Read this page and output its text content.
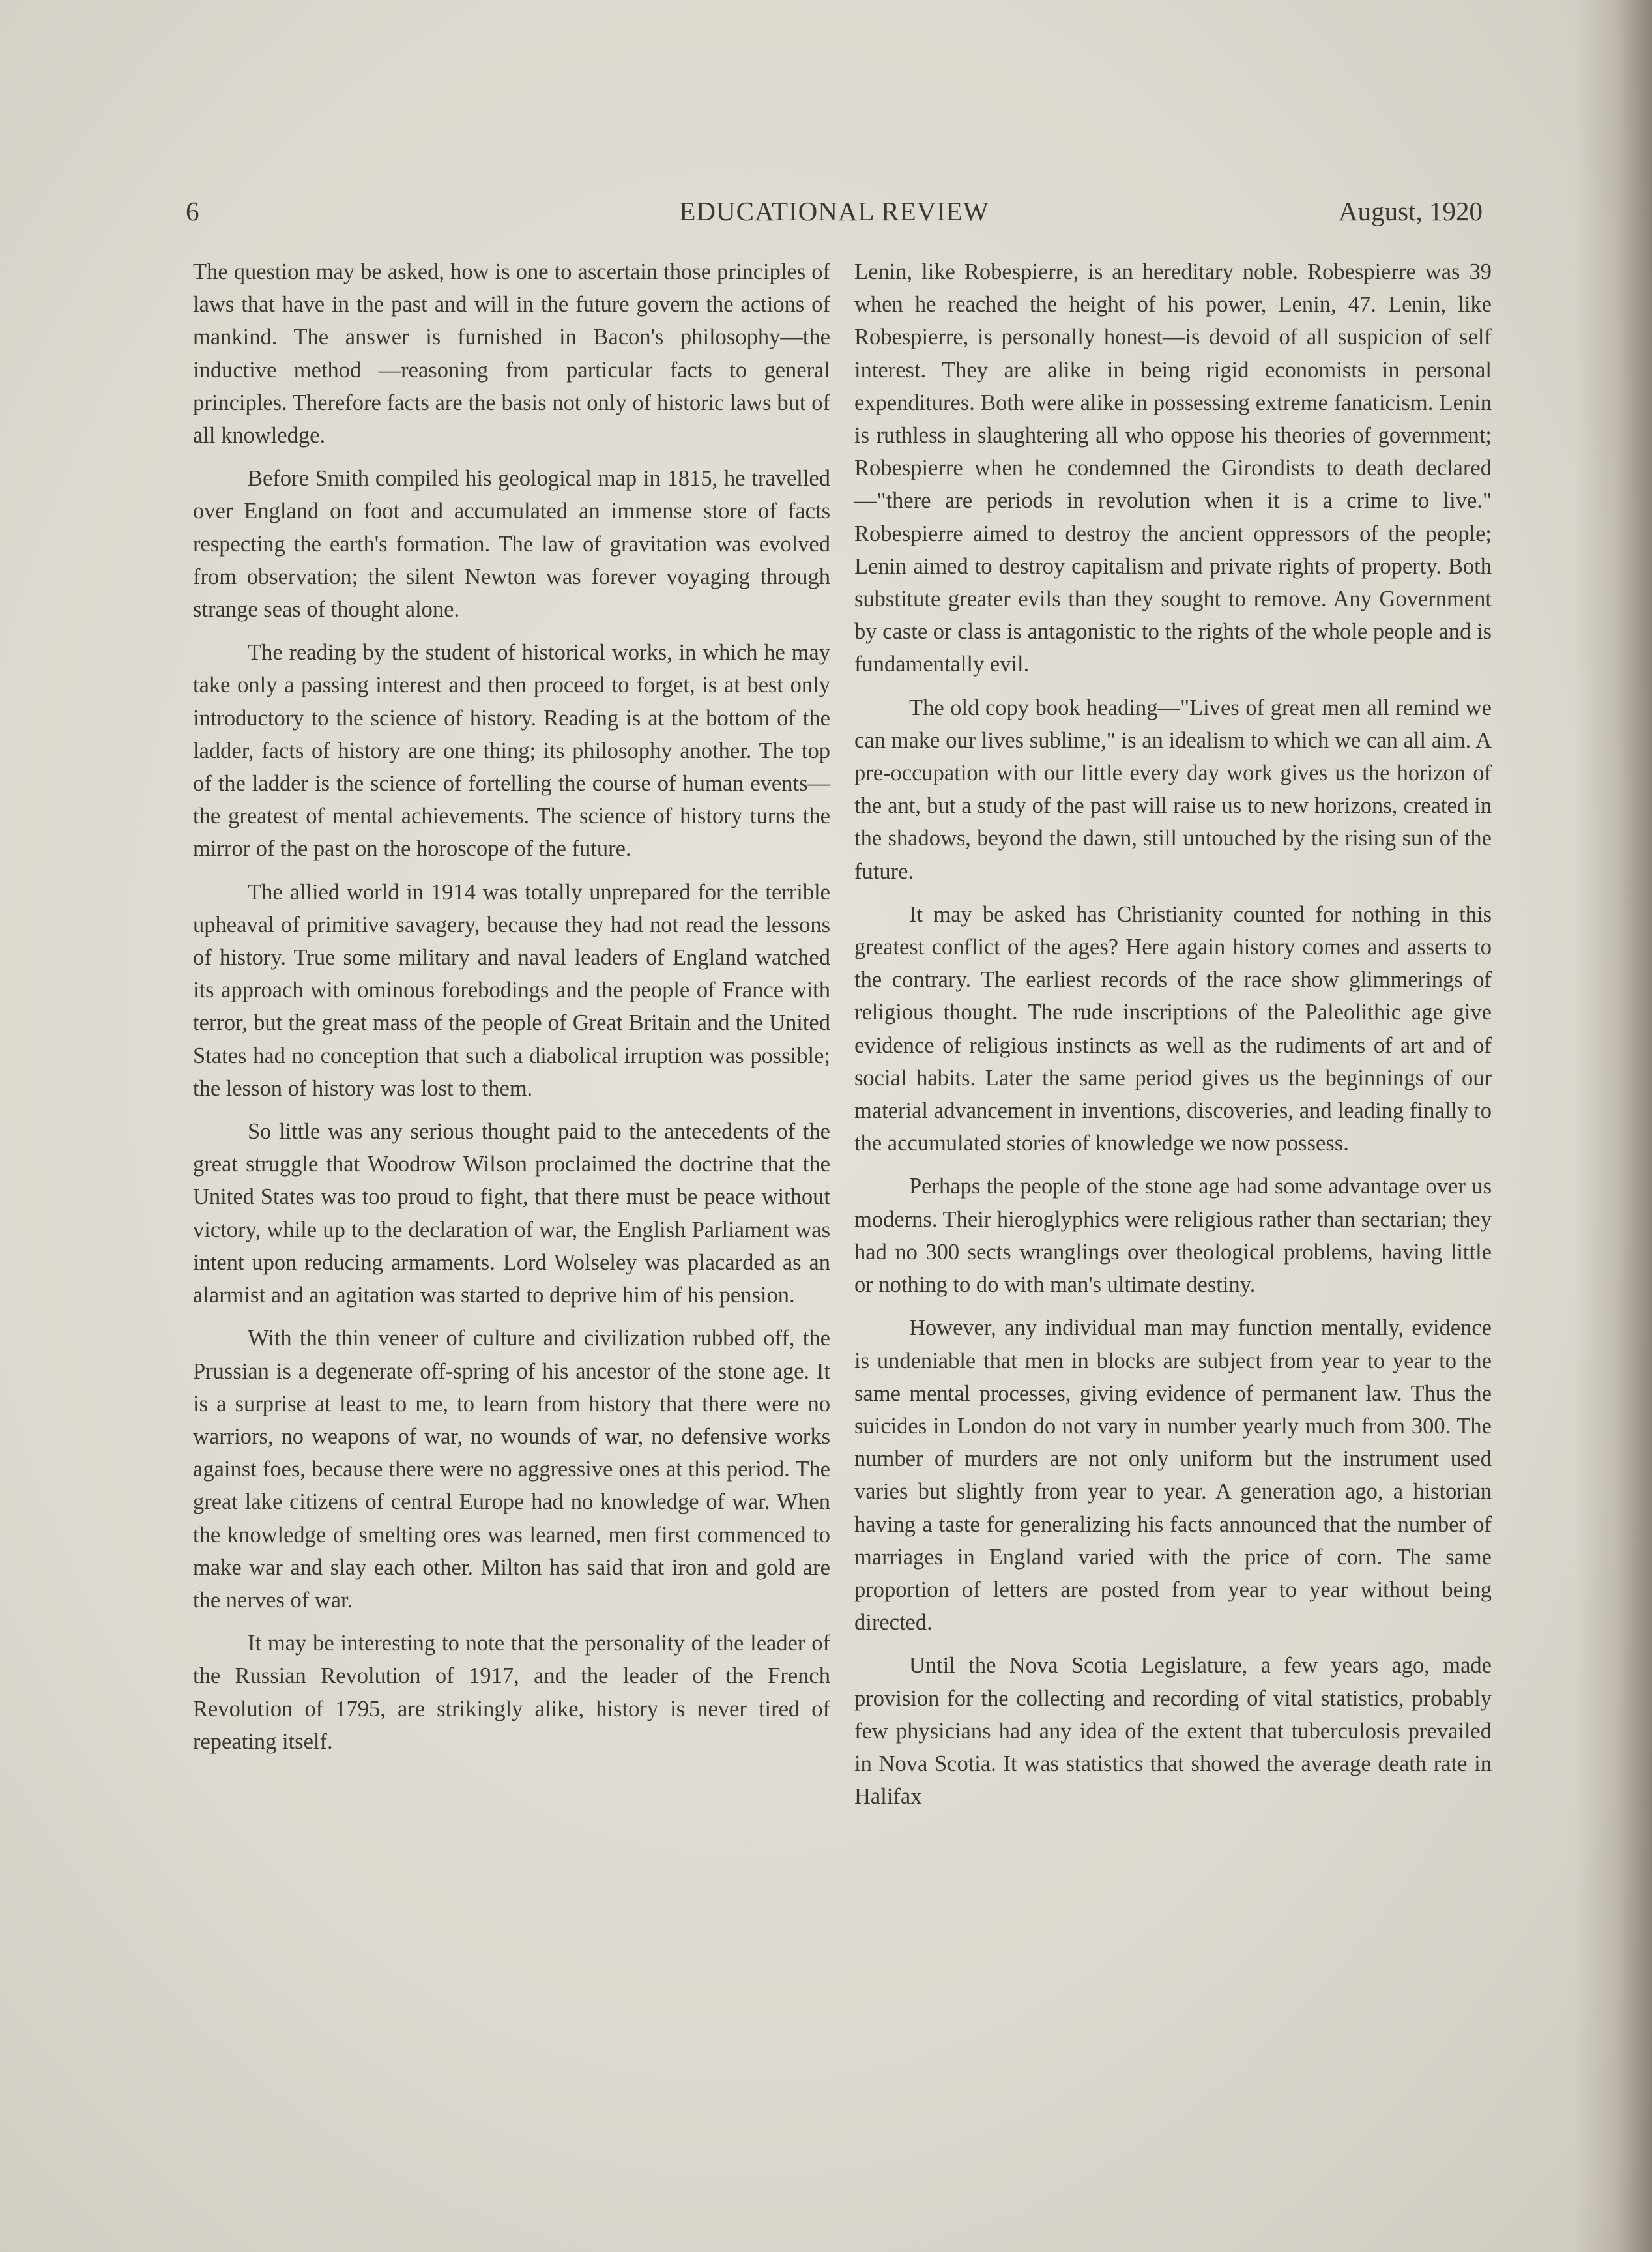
6	EDUCATIONAL REVIEW	August, 1920

The question may be asked, how is one to ascertain those principles of laws that have in the past and will in the future govern the actions of mankind. The answer is furnished in Bacon's philosophy—the inductive method —reasoning from particular facts to general principles. Therefore facts are the basis not only of historic laws but of all knowledge.

Before Smith compiled his geological map in 1815, he travelled over England on foot and accumulated an immense store of facts respecting the earth's formation. The law of gravitation was evolved from observation; the silent Newton was forever voyaging through strange seas of thought alone.

The reading by the student of historical works, in which he may take only a passing interest and then proceed to forget, is at best only introductory to the science of history. Reading is at the bottom of the ladder, facts of history are one thing; its philosophy another. The top of the ladder is the science of fortelling the course of human events—the greatest of mental achievements. The science of history turns the mirror of the past on the horoscope of the future.

The allied world in 1914 was totally unprepared for the terrible upheaval of primitive savagery, because they had not read the lessons of history. True some military and naval leaders of England watched its approach with ominous forebodings and the people of France with terror, but the great mass of the people of Great Britain and the United States had no conception that such a diabolical irruption was possible; the lesson of history was lost to them.

So little was any serious thought paid to the antecedents of the great struggle that Woodrow Wilson proclaimed the doctrine that the United States was too proud to fight, that there must be peace without victory, while up to the declaration of war, the English Parliament was intent upon reducing armaments. Lord Wolseley was placarded as an alarmist and an agitation was started to deprive him of his pension.

With the thin veneer of culture and civilization rubbed off, the Prussian is a degenerate off-spring of his ancestor of the stone age. It is a surprise at least to me, to learn from history that there were no warriors, no weapons of war, no wounds of war, no defensive works against foes, because there were no aggressive ones at this period. The great lake citizens of central Europe had no knowledge of war. When the knowledge of smelting ores was learned, men first commenced to make war and slay each other. Milton has said that iron and gold are the nerves of war.

It may be interesting to note that the personality of the leader of the Russian Revolution of 1917, and the leader of the French Revolution of 1795, are strikingly alike, history is never tired of repeating itself.

Lenin, like Robespierre, is an hereditary noble. Robespierre was 39 when he reached the height of his power, Lenin, 47. Lenin, like Robespierre, is personally honest—is devoid of all suspicion of self interest. They are alike in being rigid economists in personal expenditures. Both were alike in possessing extreme fanaticism. Lenin is ruthless in slaughtering all who oppose his theories of government; Robespierre when he condemned the Girondists to death declared—"there are periods in revolution when it is a crime to live." Robespierre aimed to destroy the ancient oppressors of the people; Lenin aimed to destroy capitalism and private rights of property. Both substitute greater evils than they sought to remove. Any Government by caste or class is antagonistic to the rights of the whole people and is fundamentally evil.

The old copy book heading—"Lives of great men all remind we can make our lives sublime," is an idealism to which we can all aim. A pre-occupation with our little every day work gives us the horizon of the ant, but a study of the past will raise us to new horizons, created in the shadows, beyond the dawn, still untouched by the rising sun of the future.

It may be asked has Christianity counted for nothing in this greatest conflict of the ages? Here again history comes and asserts to the contrary. The earliest records of the race show glimmerings of religious thought. The rude inscriptions of the Paleolithic age give evidence of religious instincts as well as the rudiments of art and of social habits. Later the same period gives us the beginnings of our material advancement in inventions, discoveries, and leading finally to the accumulated stories of knowledge we now possess.

Perhaps the people of the stone age had some advantage over us moderns. Their hieroglyphics were religious rather than sectarian; they had no 300 sects wranglings over theological problems, having little or nothing to do with man's ultimate destiny.

However, any individual man may function mentally, evidence is undeniable that men in blocks are subject from year to year to the same mental processes, giving evidence of permanent law. Thus the suicides in London do not vary in number yearly much from 300. The number of murders are not only uniform but the instrument used varies but slightly from year to year. A generation ago, a historian having a taste for generalizing his facts announced that the number of marriages in England varied with the price of corn. The same proportion of letters are posted from year to year without being directed.

Until the Nova Scotia Legislature, a few years ago, made provision for the collecting and recording of vital statistics, probably few physicians had any idea of the extent that tuberculosis prevailed in Nova Scotia. It was statistics that showed the average death rate in Halifax
